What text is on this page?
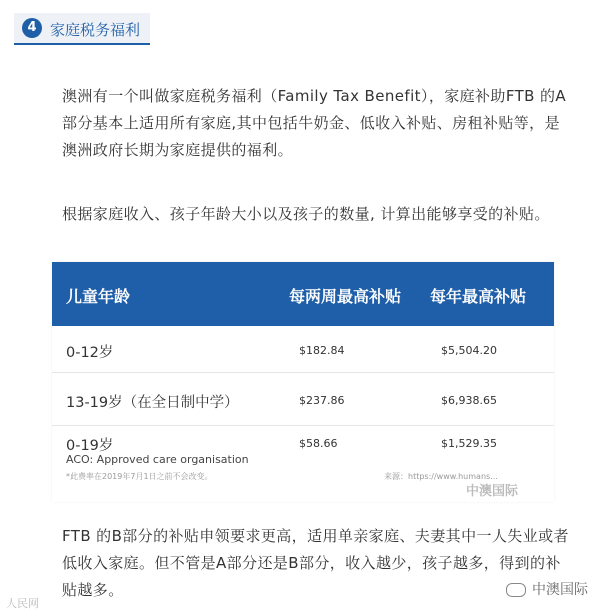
4 家庭税务福利
澳洲有一个叫做家庭税务福利（Family Tax Benefit），家庭补助FTB 的A部分基本上适用所有家庭,其中包括牛奶金、低收入补贴、房租补贴等，是澳洲政府长期为家庭提供的福利。
根据家庭收入、孩子年龄大小以及孩子的数量, 计算出能够享受的补贴。
儿童年龄	每两周最高补贴 每年最高补贴
0-12岁	$182.84	$5,504.20
13-19岁（在全日制中学）	$237.86	$6,938.65
0-19岁	$58.66	$1,529.35
ACO: Approved care organisation
*此费率在2019年7月1日之前不会改变。	来源：https://www.humans...
中澳国际
FTB 的B部分的补贴申领要求更高，适用单亲家庭、夫妻其中一人失业或者低收入家庭。但不管是A部分还是B部分，收入越少，孩子越多，得到的补贴越多。	中澳国际
人民网
